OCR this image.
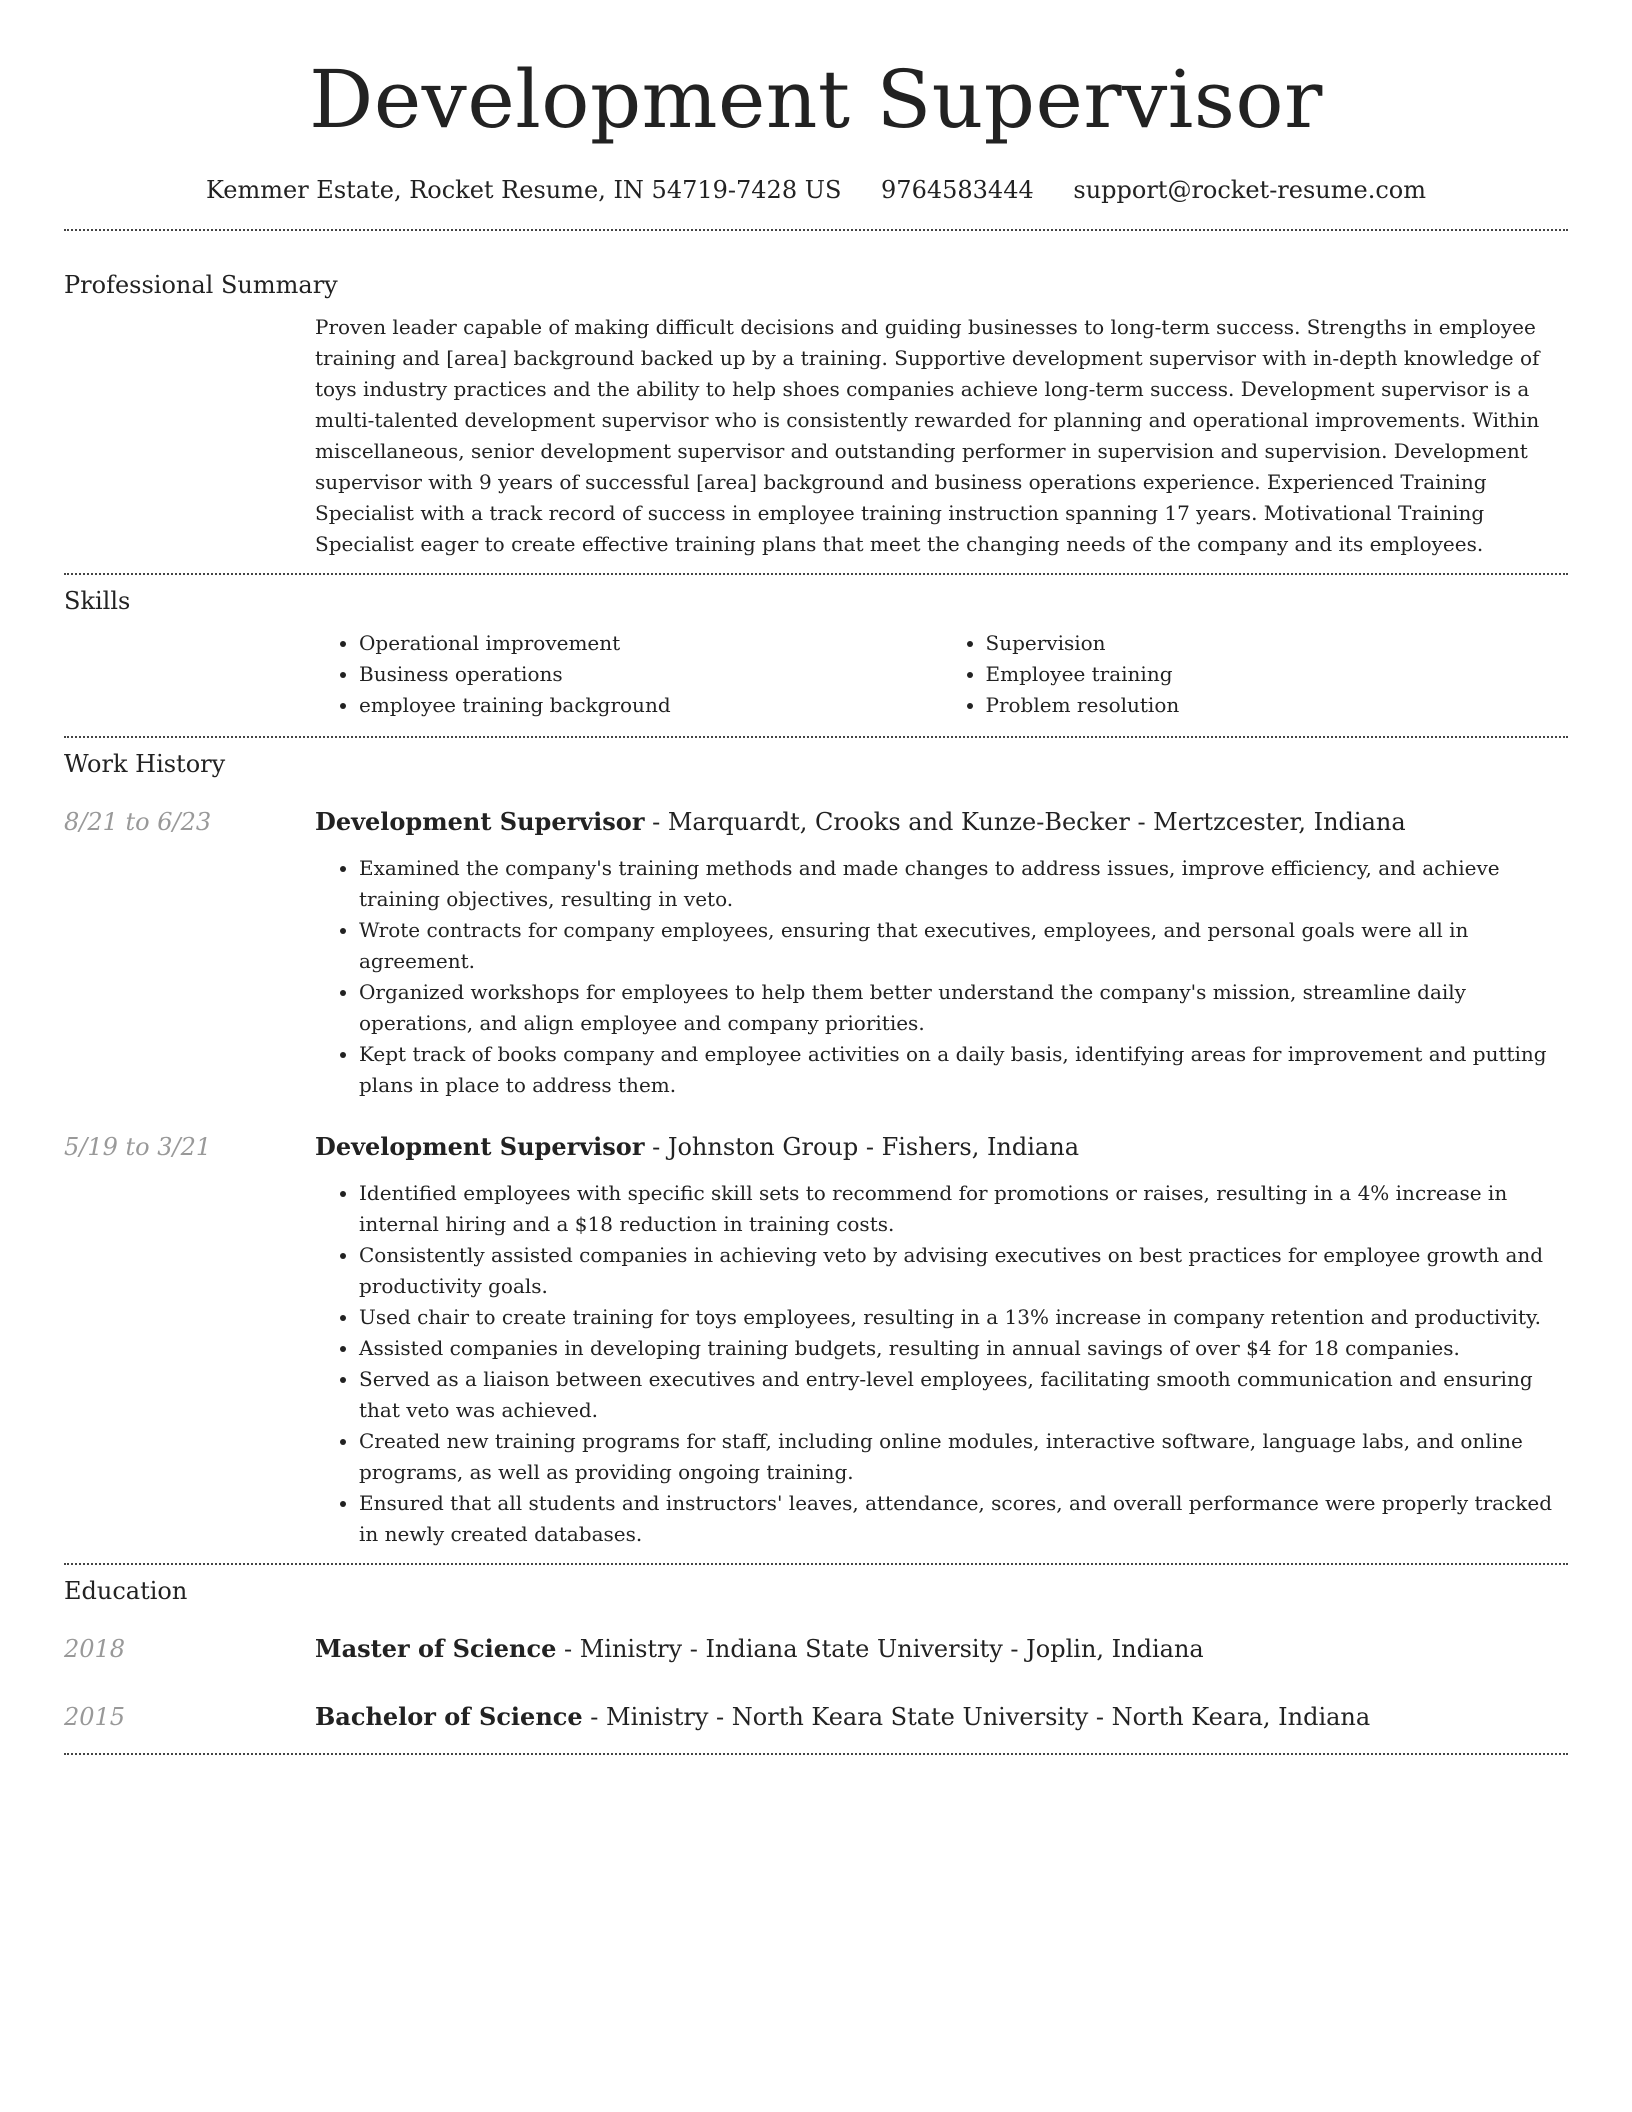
Development Supervisor
Kemmer Estate, Rocket Resume, IN 54719-7428 US 9764583444 support@rocket-resume.com
Professional Summary

Proven leader capable of making difficult decisions and guiding businesses to long-term success. Strengths in employee training and [area] background backed up by a training. Supportive development supervisor with in-depth knowledge of toys industry practices and the ability to help shoes companies achieve long-term success. Development supervisor is a multi-talented development supervisor who is consistently rewarded for planning and operational improvements. Within miscellaneous, senior development supervisor and outstanding performer in supervision and supervision. Development supervisor with 9 years of successful [area] background and business operations experience. Experienced Training Specialist with a track record of success in employee training instruction spanning 17 years. Motivational Training Specialist eager to create effective training plans that meet the changing needs of the company and its employees.

Skills
• Operational improvement
• Business operations
• employee training background
• Supervision
• Employee training
• Problem resolution
Work History
8/21 to 6/23	Development Supervisor - Marquardt, Crooks and Kunze-Becker - Mertzcester, Indiana
• Examined the company's training methods and made changes to address issues, improve efficiency, and achieve training objectives, resulting in veto.
• Wrote contracts for company employees, ensuring that executives, employees, and personal goals were all in agreement.
• Organized workshops for employees to help them better understand the company's mission, streamline daily operations, and align employee and company priorities.
• Kept track of books company and employee activities on a daily basis, identifying areas for improvement and putting plans in place to address them.
5/19 to 3/21	Development Supervisor - Johnston Group - Fishers, Indiana
• Identified employees with specific skill sets to recommend for promotions or raises, resulting in a 4% increase in internal hiring and a $18 reduction in training costs.
• Consistently assisted companies in achieving veto by advising executives on best practices for employee growth and productivity goals.
• Used chair to create training for toys employees, resulting in a 13% increase in company retention and productivity.
• Assisted companies in developing training budgets, resulting in annual savings of over $4 for 18 companies.
• Served as a liaison between executives and entry-level employees, facilitating smooth communication and ensuring that veto was achieved.
• Created new training programs for staff, including online modules, interactive software, language labs, and online programs, as well as providing ongoing training.
• Ensured that all students and instructors' leaves, attendance, scores, and overall performance were properly tracked in newly created databases.
Education
2018	Master of Science - Ministry - Indiana State University - Joplin, Indiana
2015	Bachelor of Science - Ministry - North Keara State University - North Keara, Indiana
